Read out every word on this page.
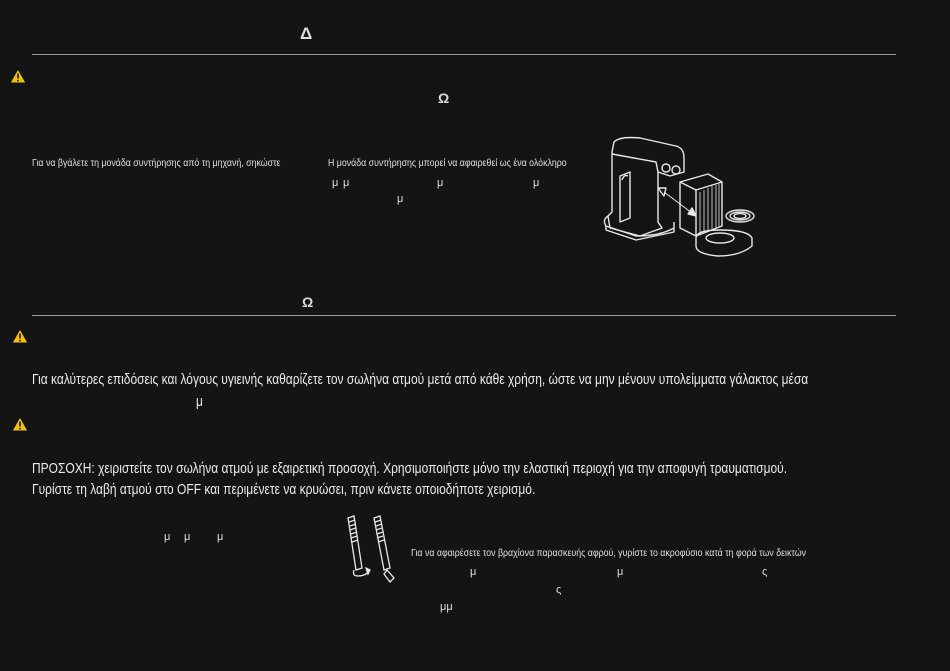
Δ
Ω
Για να βγάλετε τη μονάδα συντήρησης από τη μηχανή, σηκώστε	Η μονάδα συντήρησης μπορεί να αφαιρεθεί ως ένα ολόκληρο
μ μ	μ	μ
μ
Ω
Για καλύτερες επιδόσεις και λόγους υγιεινής καθαρίζετε τον σωλήνα ατμού μετά από κάθε χρήση, ώστε να μην μένουν υπολείμματα γάλακτος μέσα
μ
ΠΡΟΣΟΧΗ: χειριστείτε τον σωλήνα ατμού με εξαιρετική προσοχή. Χρησιμοποιήστε μόνο την ελαστική περιοχή για την αποφυγή τραυματισμού.
Γυρίστε τη λαβή ατμού στο OFF και περιμένετε να κρυώσει, πριν κάνετε οποιοδήποτε χειρισμό.
μ μ μ
Για να αφαιρέσετε τον βραχίονα παρασκευής αφρού, γυρίστε το ακροφύσιο κατά τη φορά των δεικτών
μ	μ	ς
ς
μμ
